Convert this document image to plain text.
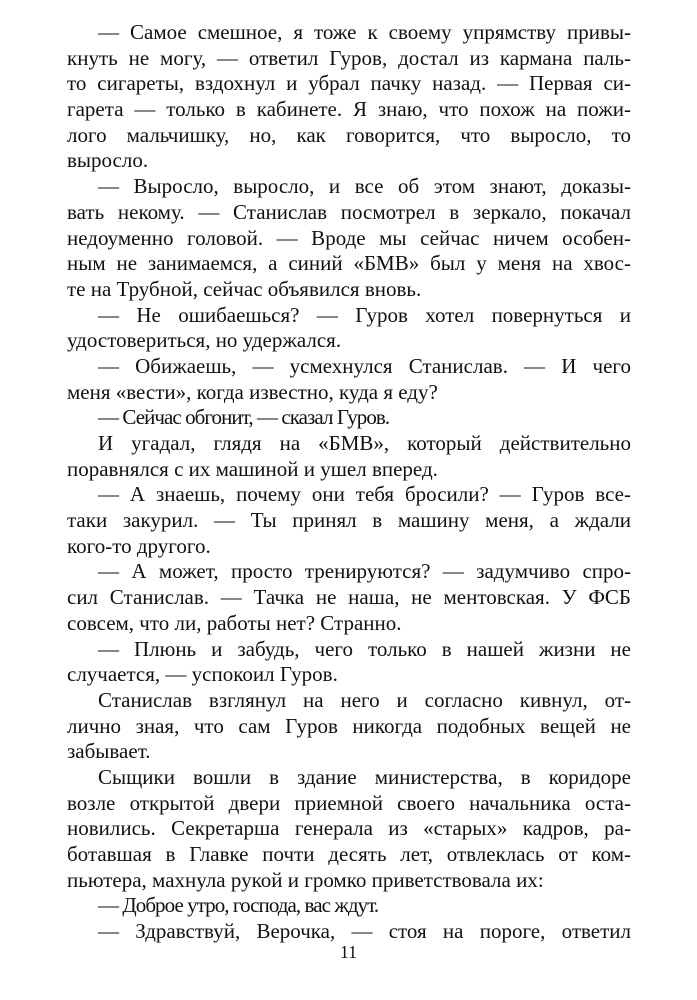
— Самое смешное, я тоже к своему упрямству привы-
кнуть не могу, — ответил Гуров, достал из кармана паль-
то сигареты, вздохнул и убрал пачку назад. — Первая си-
гарета — только в кабинете. Я знаю, что похож на пожи-
лого мальчишку, но, как говорится, что выросло, то
выросло.
— Выросло, выросло, и все об этом знают, доказы-
вать некому. — Станислав посмотрел в зеркало, покачал
недоуменно головой. — Вроде мы сейчас ничем особен-
ным не занимаемся, а синий «БМВ» был у меня на хвос-
те на Трубной, сейчас объявился вновь.
— Не ошибаешься? — Гуров хотел повернуться и
удостовериться, но удержался.
— Обижаешь, — усмехнулся Станислав. — И чего
меня «вести», когда известно, куда я еду?
— Сейчас обгонит, — сказал Гуров.
И угадал, глядя на «БМВ», который действительно
поравнялся с их машиной и ушел вперед.
— А знаешь, почему они тебя бросили? — Гуров все-
таки закурил. — Ты принял в машину меня, а ждали
кого-то другого.
— А может, просто тренируются? — задумчиво спро-
сил Станислав. — Тачка не наша, не ментовская. У ФСБ
совсем, что ли, работы нет? Странно.
— Плюнь и забудь, чего только в нашей жизни не
случается, — успокоил Гуров.
Станислав взглянул на него и согласно кивнул, от-
лично зная, что сам Гуров никогда подобных вещей не
забывает.
Сыщики вошли в здание министерства, в коридоре
возле открытой двери приемной своего начальника оста-
новились. Секретарша генерала из «старых» кадров, ра-
ботавшая в Главке почти десять лет, отвлеклась от ком-
пьютера, махнула рукой и громко приветствовала их:
— Доброе утро, господа, вас ждут.
— Здравствуй, Верочка, — стоя на пороге, ответил
11
